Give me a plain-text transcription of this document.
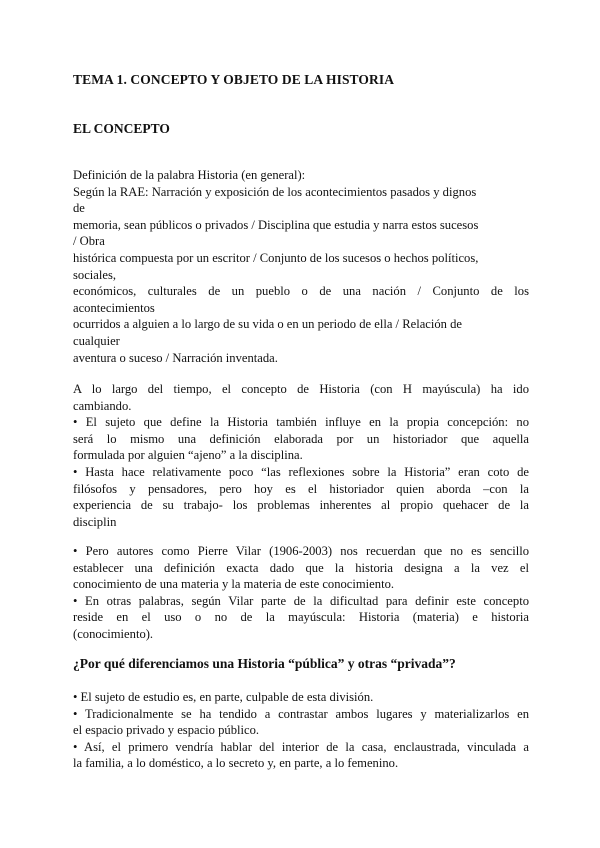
TEMA 1. CONCEPTO Y OBJETO DE LA HISTORIA
EL CONCEPTO
Definición de la palabra Historia (en general):
Según la RAE: Narración y exposición de los acontecimientos pasados y dignos
de
memoria, sean públicos o privados / Disciplina que estudia y narra estos sucesos
/ Obra
histórica compuesta por un escritor / Conjunto de los sucesos o hechos políticos,
sociales,
económicos, culturales de un pueblo o de una nación / Conjunto de los
acontecimientos
ocurridos a alguien a lo largo de su vida o en un periodo de ella / Relación de
cualquier
aventura o suceso / Narración inventada.
A lo largo del tiempo, el concepto de Historia (con H mayúscula) ha ido
cambiando.
• El sujeto que define la Historia también influye en la propia concepción: no
será lo mismo una definición elaborada por un historiador que aquella
formulada por alguien “ajeno” a la disciplina.
• Hasta hace relativamente poco “las reflexiones sobre la Historia” eran coto de
filósofos y pensadores, pero hoy es el historiador quien aborda –con la
experiencia de su trabajo- los problemas inherentes al propio quehacer de la
disciplin
• Pero autores como Pierre Vilar (1906-2003) nos recuerdan que no es sencillo
establecer una definición exacta dado que la historia designa a la vez el
conocimiento de una materia y la materia de este conocimiento.
• En otras palabras, según Vilar parte de la dificultad para definir este concepto
reside en el uso o no de la mayúscula: Historia (materia) e historia
(conocimiento).
¿Por qué diferenciamos una Historia “pública” y otras “privada”?
• El sujeto de estudio es, en parte, culpable de esta división.
• Tradicionalmente se ha tendido a contrastar ambos lugares y materializarlos en
el espacio privado y espacio público.
• Así, el primero vendría hablar del interior de la casa, enclaustrada, vinculada a
la familia, a lo doméstico, a lo secreto y, en parte, a lo femenino.
